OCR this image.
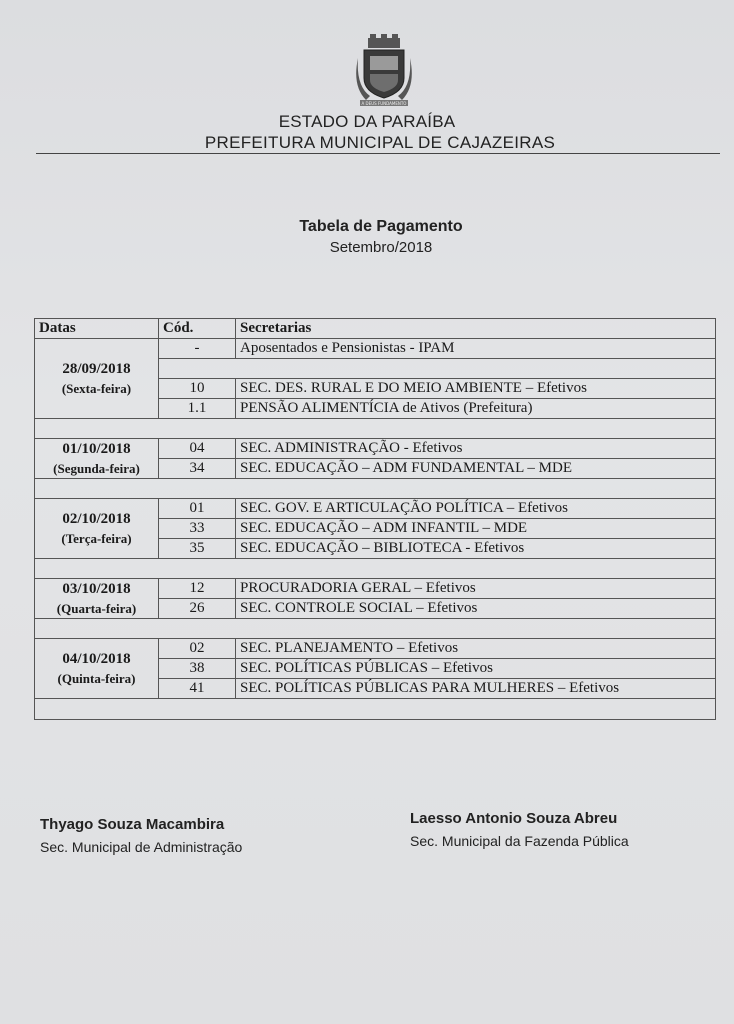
A DEUS FUNDAMENTO
ESTADO DA PARAÍBA
PREFEITURA MUNICIPAL DE CAJAZEIRAS
Tabela de Pagamento
Setembro/2018
Datas	Cód.	Secretarias

28/09/2018
(Sexta-feira)	-	Aposentados e Pensionistas - IPAM

	10	SEC. DES. RURAL E DO MEIO AMBIENTE – Efetivos
	1.1	PENSÃO ALIMENTÍCIA de Ativos (Prefeitura)

01/10/2018
(Segunda-feira)	04	SEC. ADMINISTRAÇÃO - Efetivos
	34	SEC. EDUCAÇÃO – ADM FUNDAMENTAL – MDE

02/10/2018
(Terça-feira)	01	SEC. GOV. E ARTICULAÇÃO POLÍTICA – Efetivos
	33	SEC. EDUCAÇÃO – ADM INFANTIL – MDE
	35	SEC. EDUCAÇÃO – BIBLIOTECA - Efetivos

03/10/2018
(Quarta-feira)	12	PROCURADORIA GERAL – Efetivos
	26	SEC. CONTROLE SOCIAL – Efetivos

04/10/2018
(Quinta-feira)	02	SEC. PLANEJAMENTO – Efetivos
	38	SEC. POLÍTICAS PÚBLICAS – Efetivos
	41	SEC. POLÍTICAS PÚBLICAS PARA MULHERES – Efetivos

Thyago Souza Macambira
Sec. Municipal de Administração
Laesso Antonio Souza Abreu
Sec. Municipal da Fazenda Pública
